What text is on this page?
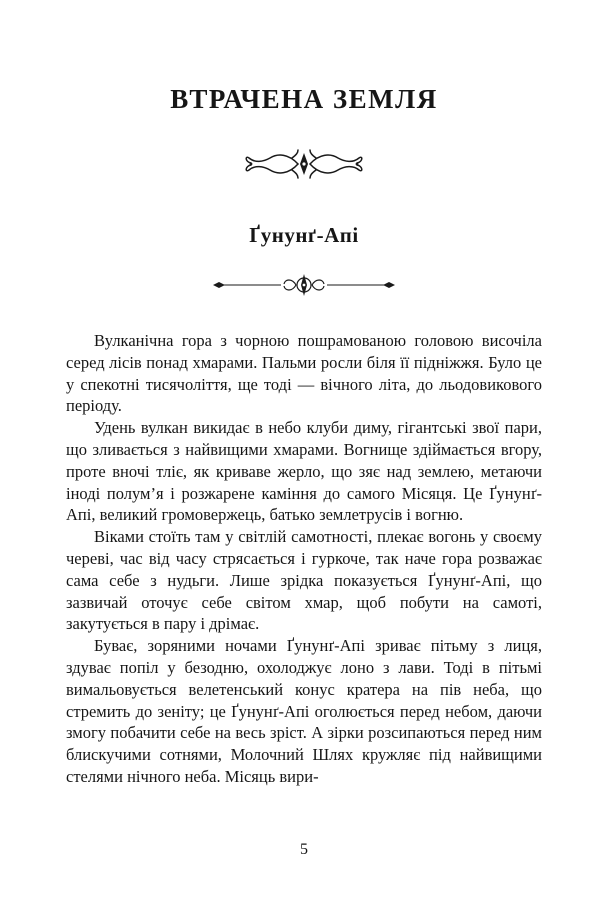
ВТРАЧЕНА ЗЕМЛЯ
Ґунунґ-Апі

Вулканічна гора з чорною пошрамованою головою височіла серед лісів понад хмарами. Пальми росли біля її підніжжя. Було це у спекотні тисячоліття, ще тоді — вічного літа, до льодовикового періоду.

Удень вулкан викидає в небо клуби диму, гігантські звої пари, що зливається з найвищими хмарами. Вогнище здіймається вгору, проте вночі тліє, як криваве жерло, що зяє над землею, метаючи іноді полум’я і розжарене каміння до самого Місяця. Це Ґунунґ-Апі, великий громовержець, батько землетрусів і вогню.

Віками стоїть там у світлій самотності, плекає вогонь у своєму череві, час від часу стрясається і гуркоче, так наче гора розважає сама себе з нудьги. Лише зрідка показується Ґунунґ-Апі, що зазвичай оточує себе світом хмар, щоб побути на самоті, закутується в пару і дрімає.

Буває, зоряними ночами Ґунунґ-Апі зриває пітьму з лиця, здуває попіл у безодню, охолоджує лоно з лави. Тоді в пітьмі вимальовується велетенський конус кратера на пів неба, що стремить до зеніту; це Ґунунґ-Апі оголюється перед небом, даючи змогу побачити себе на весь зріст. А зірки розсипаються перед ним блискучими сотнями, Молочний Шлях кружляє під найвищими стелями нічного неба. Місяць вири-

5
